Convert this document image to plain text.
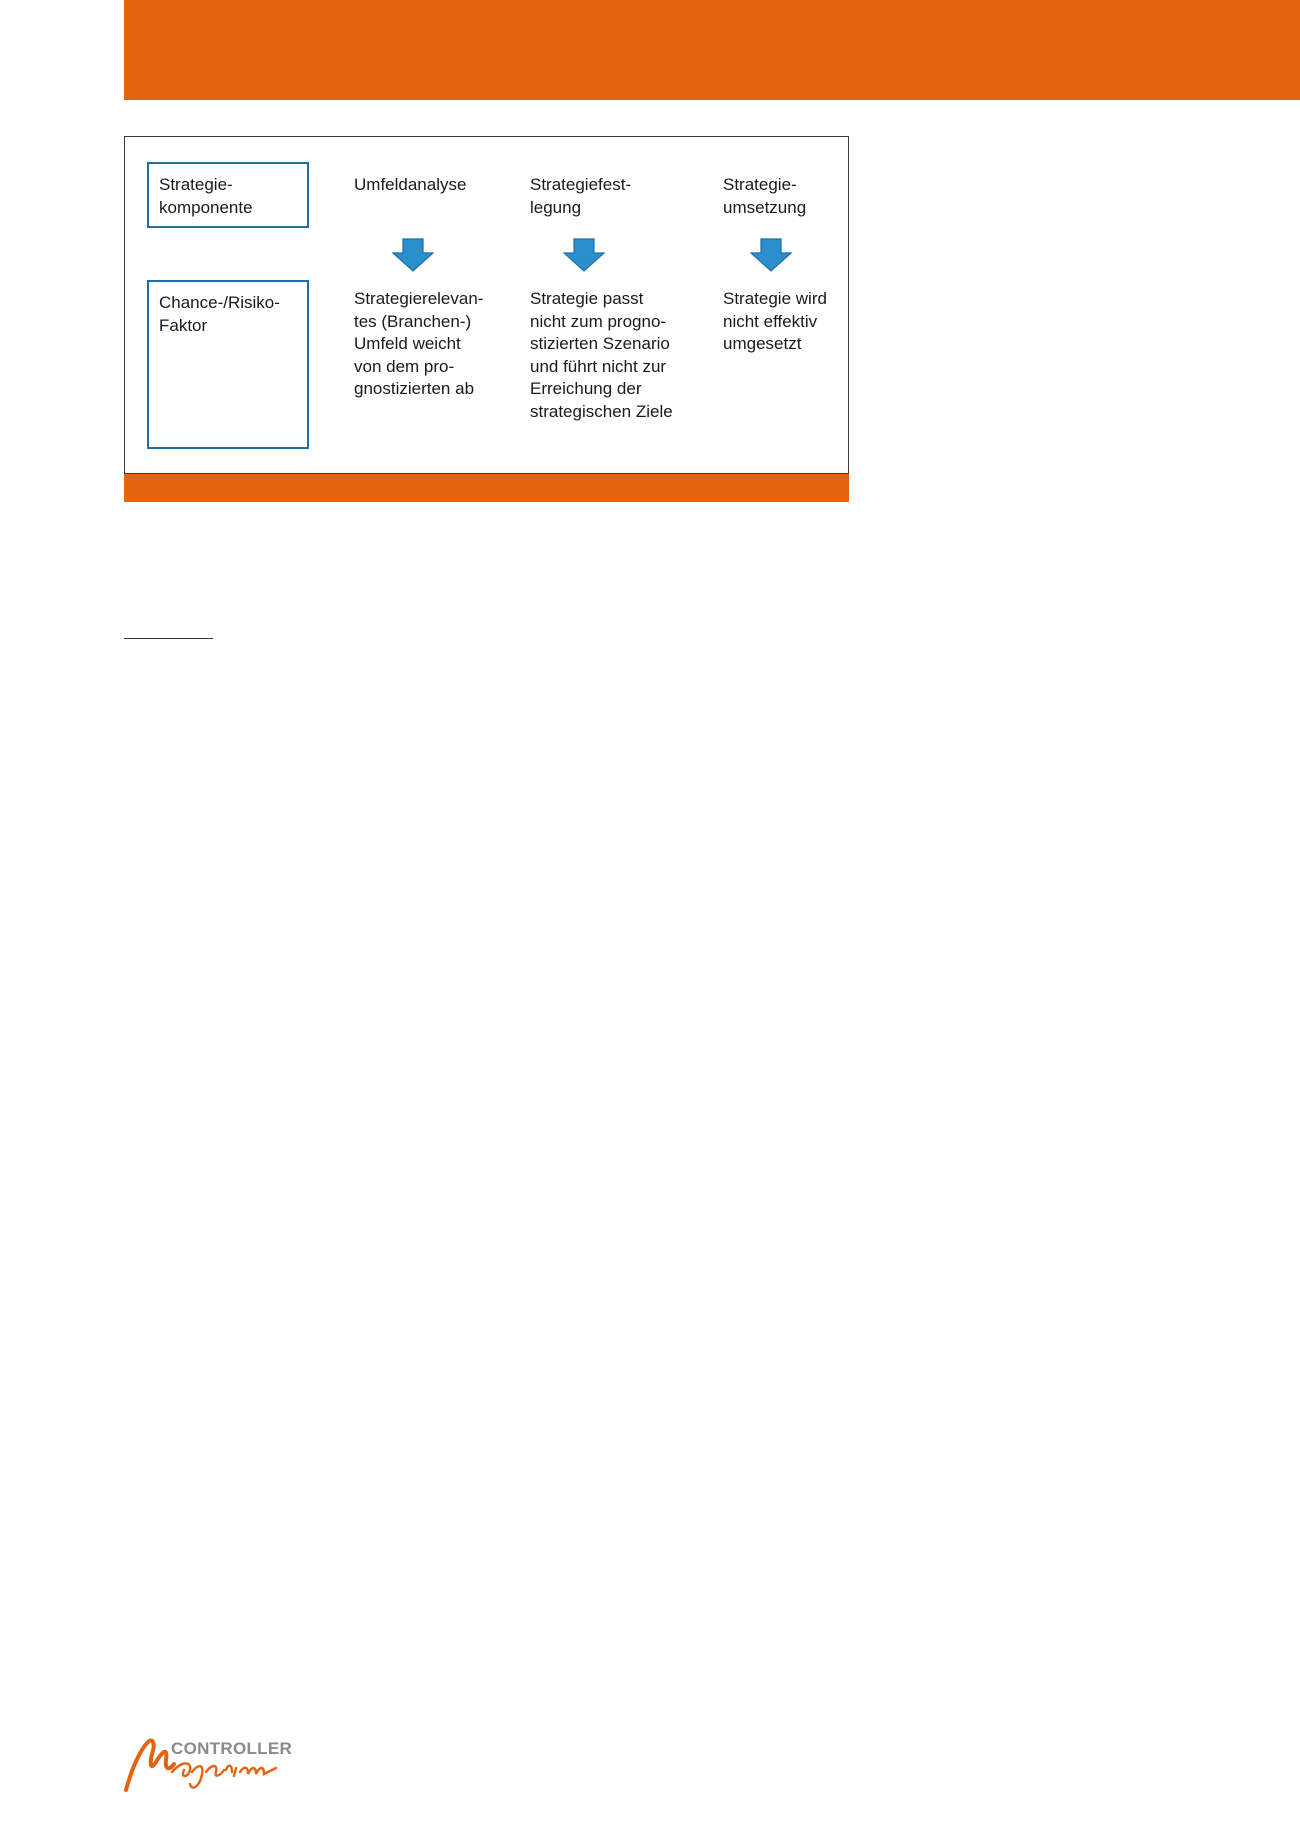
Strategie-
komponente
Chance-/Risiko-
Faktor
Umfeldanalyse	Strategiefest-
legung
Strategie-
umsetzung
Strategierelevan-
tes (Branchen-)
Umfeld weicht
von dem pro-
gnostizierten ab
Strategie passt
nicht zum progno-
stizierten Szenario
und führt nicht zur
Erreichung der
strategischen Ziele
Strategie wird
nicht effektiv
umgesetzt
CONTROLLER
